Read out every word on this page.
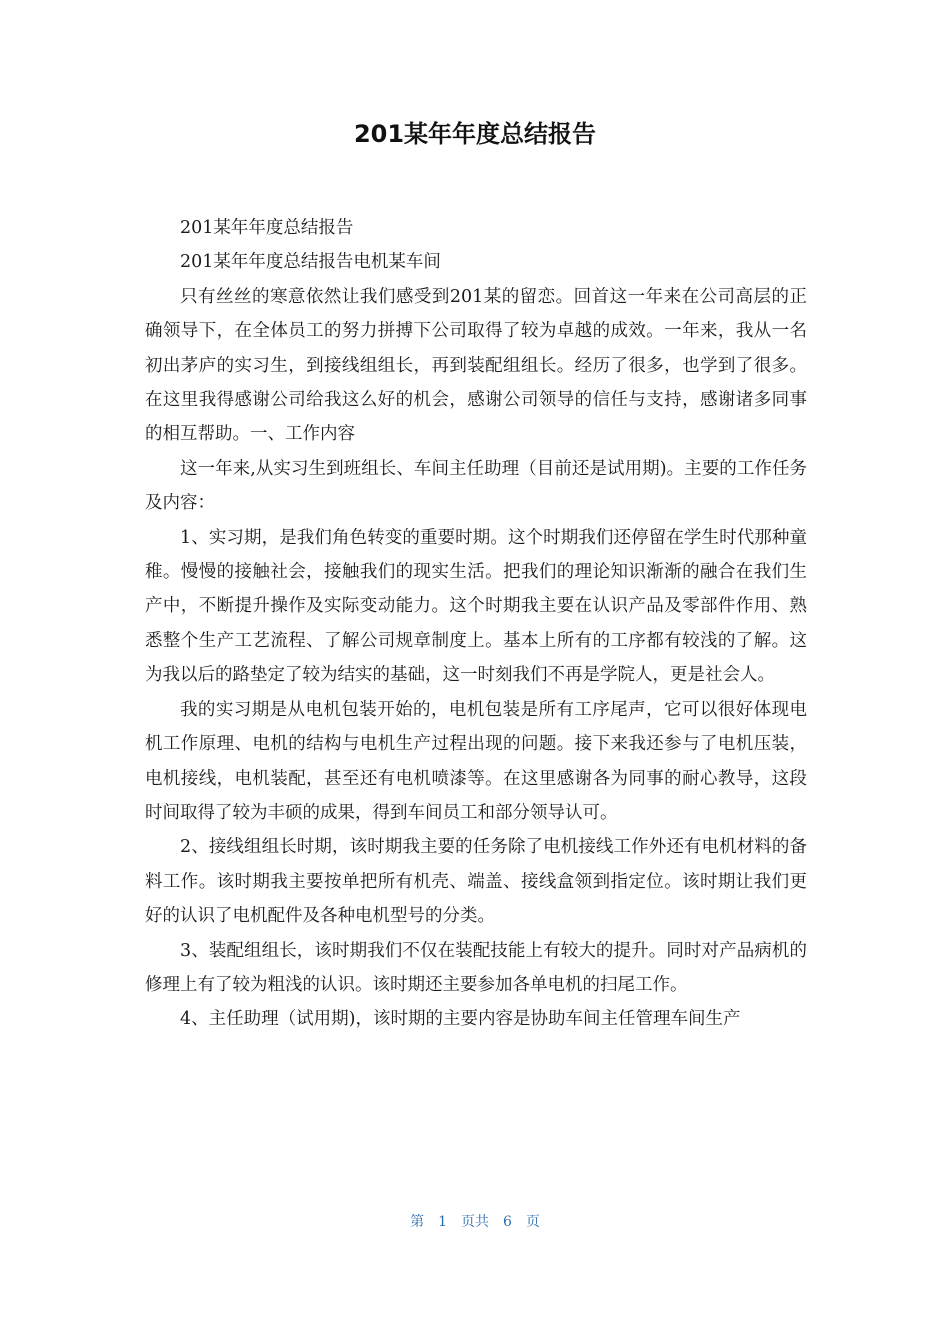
201某年年度总结报告

201某年年度总结报告

201某年年度总结报告电机某车间

只有丝丝的寒意依然让我们感受到201某的留恋。回首这一年来在公司高层的正确领导下，在全体员工的努力拼搏下公司取得了较为卓越的成效。一年来，我从一名初出茅庐的实习生，到接线组组长，再到装配组组长。经历了很多，也学到了很多。在这里我得感谢公司给我这么好的机会，感谢公司领导的信任与支持，感谢诸多同事的相互帮助。一、工作内容

这一年来,从实习生到班组长、车间主任助理（目前还是试用期)。主要的工作任务及内容：

1、实习期，是我们角色转变的重要时期。这个时期我们还停留在学生时代那种童稚。慢慢的接触社会，接触我们的现实生活。把我们的理论知识渐渐的融合在我们生产中，不断提升操作及实际变动能力。这个时期我主要在认识产品及零部件作用、熟悉整个生产工艺流程、了解公司规章制度上。基本上所有的工序都有较浅的了解。这为我以后的路垫定了较为结实的基础，这一时刻我们不再是学院人，更是社会人。

我的实习期是从电机包装开始的，电机包装是所有工序尾声，它可以很好体现电机工作原理、电机的结构与电机生产过程出现的问题。接下来我还参与了电机压装，电机接线，电机装配，甚至还有电机喷漆等。在这里感谢各为同事的耐心教导，这段时间取得了较为丰硕的成果，得到车间员工和部分领导认可。

2、接线组组长时期，该时期我主要的任务除了电机接线工作外还有电机材料的备料工作。该时期我主要按单把所有机壳、端盖、接线盒领到指定位。该时期让我们更好的认识了电机配件及各种电机型号的分类。

3、装配组组长，该时期我们不仅在装配技能上有较大的提升。同时对产品病机的修理上有了较为粗浅的认识。该时期还主要参加各单电机的扫尾工作。

4、主任助理（试用期)，该时期的主要内容是协助车间主任管理车间生产

第 1 页共 6 页
